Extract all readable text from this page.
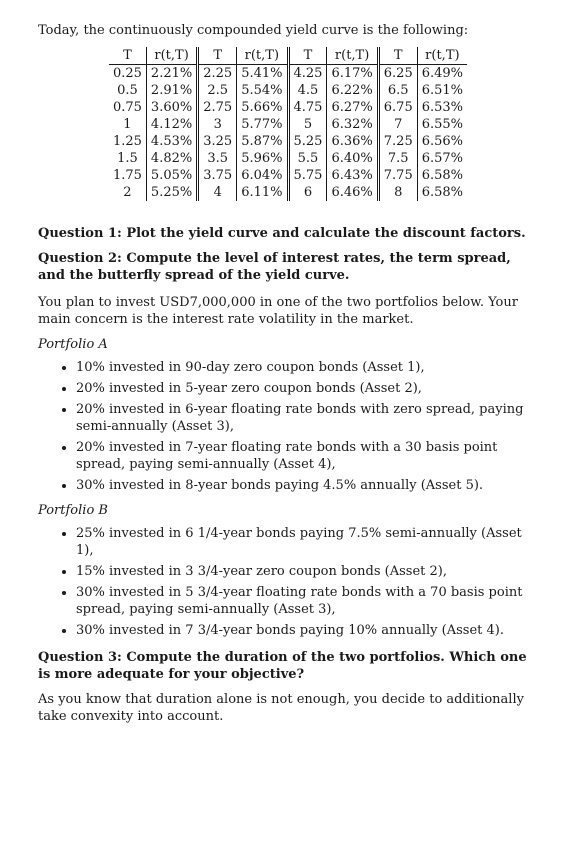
Today, the continuously compounded yield curve is the following:

T	r(t,T)	T	r(t,T)	T	r(t,T)	T	r(t,T)
0.25	2.21%	2.25	5.41%	4.25	6.17%	6.25	6.49%
0.5	2.91%	2.5	5.54%	4.5	6.22%	6.5	6.51%
0.75	3.60%	2.75	5.66%	4.75	6.27%	6.75	6.53%
1	4.12%	3	5.77%	5	6.32%	7	6.55%
1.25	4.53%	3.25	5.87%	5.25	6.36%	7.25	6.56%
1.5	4.82%	3.5	5.96%	5.5	6.40%	7.5	6.57%
1.75	5.05%	3.75	6.04%	5.75	6.43%	7.75	6.58%
2	5.25%	4	6.11%	6	6.46%	8	6.58%

Question 1: Plot the yield curve and calculate the discount factors.

Question 2: Compute the level of interest rates, the term spread, and the butterfly spread of the yield curve.

You plan to invest USD7,000,000 in one of the two portfolios below. Your main concern is the interest rate volatility in the market.

Portfolio A

• 10% invested in 90-day zero coupon bonds (Asset 1),
• 20% invested in 5-year zero coupon bonds (Asset 2),
• 20% invested in 6-year floating rate bonds with zero spread, paying semi-annually (Asset 3),
• 20% invested in 7-year floating rate bonds with a 30 basis point spread, paying semi-annually (Asset 4),
• 30% invested in 8-year bonds paying 4.5% annually (Asset 5).

Portfolio B

• 25% invested in 6 1/4-year bonds paying 7.5% semi-annually (Asset 1),
• 15% invested in 3 3/4-year zero coupon bonds (Asset 2),
• 30% invested in 5 3/4-year floating rate bonds with a 70 basis point spread, paying semi-annually (Asset 3),
• 30% invested in 7 3/4-year bonds paying 10% annually (Asset 4).

Question 3: Compute the duration of the two portfolios. Which one is more adequate for your objective?

As you know that duration alone is not enough, you decide to additionally take convexity into account.
